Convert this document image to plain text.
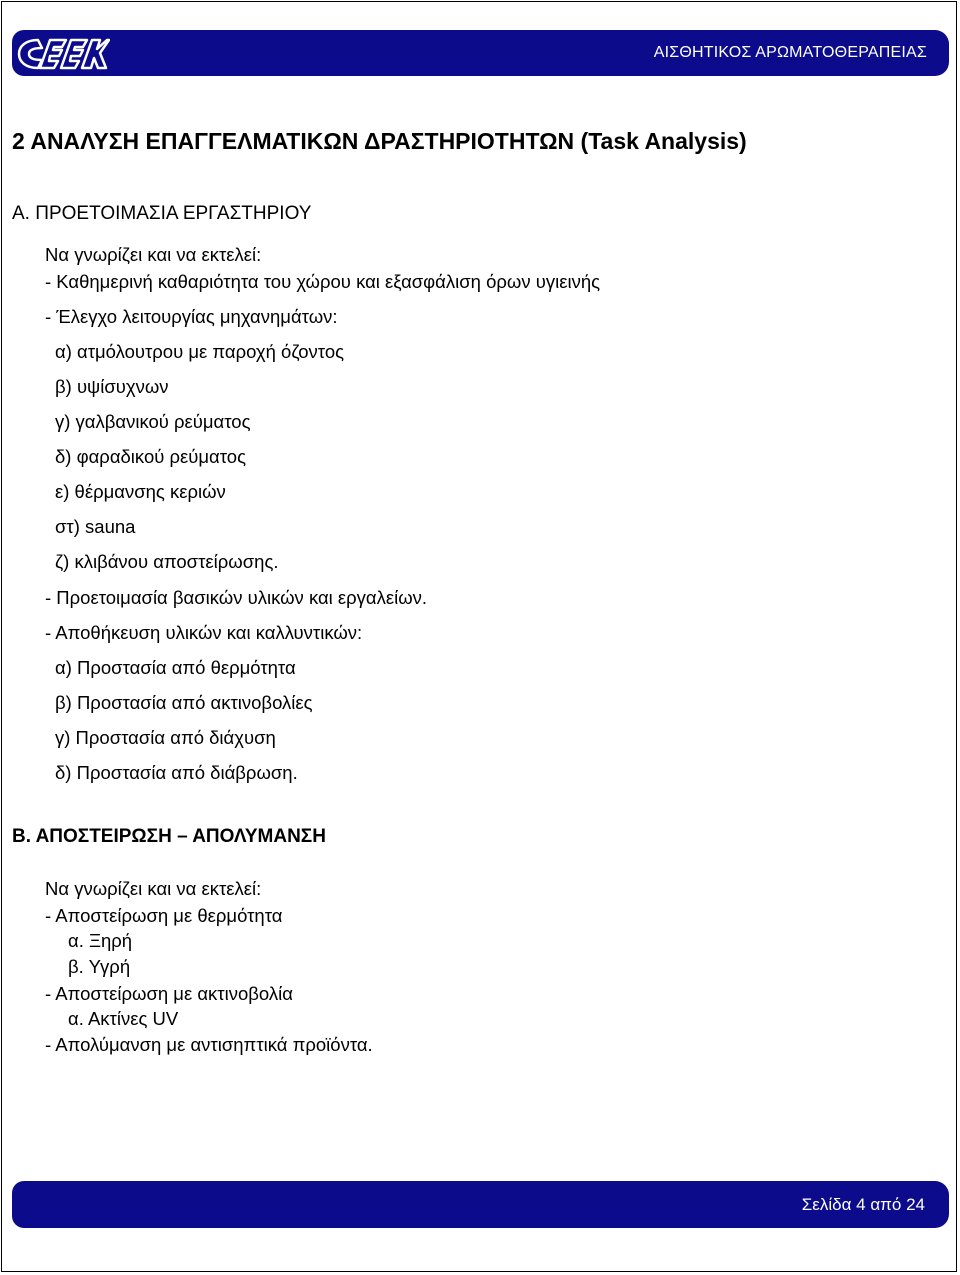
ΑΙΣΘΗΤΙΚΟΣ ΑΡΩΜΑΤΟΘΕΡΑΠΕΙΑΣ
2 ΑΝΑΛΥΣΗ ΕΠΑΓΓΕΛΜΑΤΙΚΩΝ ΔΡΑΣΤΗΡΙΟΤΗΤΩΝ (Task Analysis)
Α. ΠΡΟΕΤΟΙΜΑΣΙΑ ΕΡΓΑΣΤΗΡΙΟΥ
Να γνωρίζει και να εκτελεί:
- Καθημερινή καθαριότητα του χώρου και εξασφάλιση όρων υγιεινής
- Έλεγχο λειτουργίας μηχανημάτων:
α) ατμόλουτρου με παροχή όζοντος
β) υψίσυχνων
γ) γαλβανικού ρεύματος
δ) φαραδικού ρεύματος
ε) θέρμανσης κεριών
στ) sauna
ζ) κλιβάνου αποστείρωσης.
- Προετοιμασία βασικών υλικών και εργαλείων.
- Αποθήκευση υλικών και καλλυντικών:
α) Προστασία από θερμότητα
β) Προστασία από ακτινοβολίες
γ) Προστασία από διάχυση
δ) Προστασία από διάβρωση.
Β. ΑΠΟΣΤΕΙΡΩΣΗ – ΑΠΟΛΥΜΑΝΣΗ
Να γνωρίζει και να εκτελεί:
- Αποστείρωση με θερμότητα
α. Ξηρή
β. Υγρή
- Αποστείρωση με ακτινοβολία
α. Ακτίνες UV
- Απολύμανση με αντισηπτικά προϊόντα.
Σελίδα 4 από 24
